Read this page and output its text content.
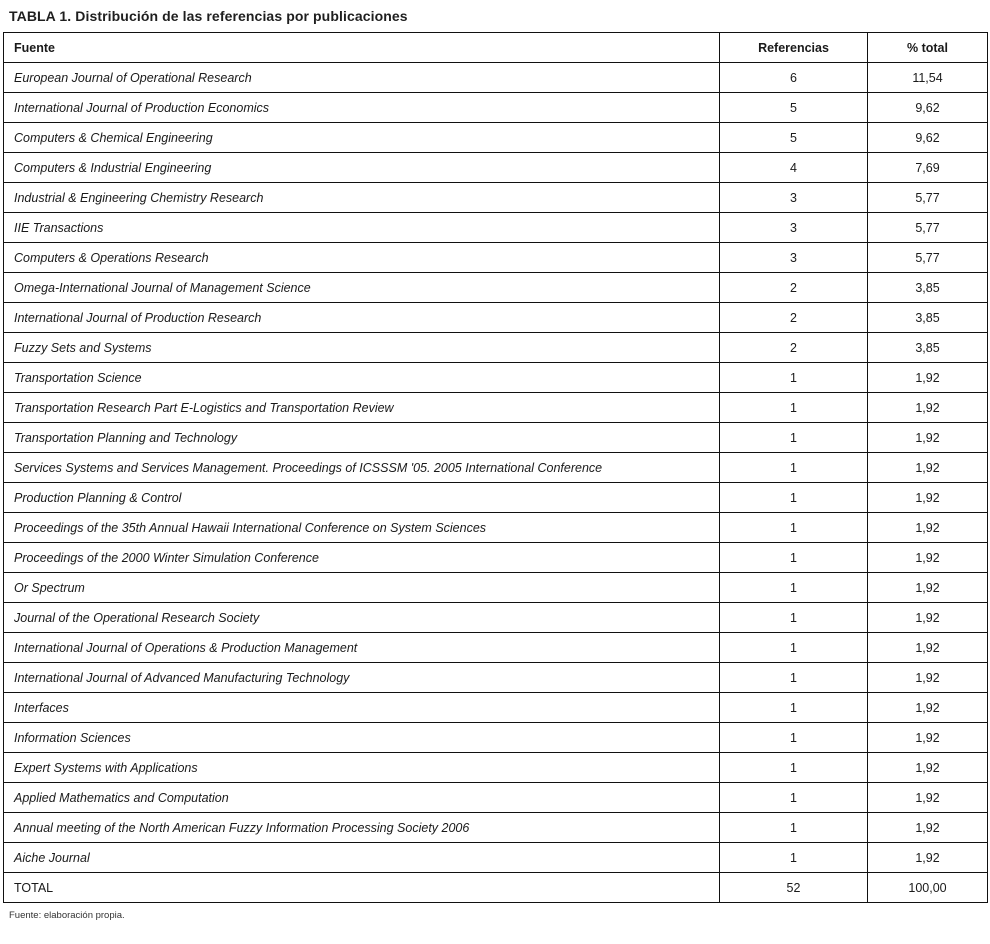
TABLA 1. Distribución de las referencias por publicaciones
Fuente	Referencias	% total
European Journal of Operational Research	6	11,54
International Journal of Production Economics	5	9,62
Computers & Chemical Engineering	5	9,62
Computers & Industrial Engineering	4	7,69
Industrial & Engineering Chemistry Research	3	5,77
IIE Transactions	3	5,77
Computers & Operations Research	3	5,77
Omega-International Journal of Management Science	2	3,85
International Journal of Production Research	2	3,85
Fuzzy Sets and Systems	2	3,85
Transportation Science	1	1,92
Transportation Research Part E-Logistics and Transportation Review	1	1,92
Transportation Planning and Technology	1	1,92
Services Systems and Services Management. Proceedings of ICSSSM '05. 2005 International Conference	1	1,92
Production Planning & Control	1	1,92
Proceedings of the 35th Annual Hawaii International Conference on System Sciences	1	1,92
Proceedings of the 2000 Winter Simulation Conference	1	1,92
Or Spectrum	1	1,92
Journal of the Operational Research Society	1	1,92
International Journal of Operations & Production Management	1	1,92
International Journal of Advanced Manufacturing Technology	1	1,92
Interfaces	1	1,92
Information Sciences	1	1,92
Expert Systems with Applications	1	1,92
Applied Mathematics and Computation	1	1,92
Annual meeting of the North American Fuzzy Information Processing Society 2006	1	1,92
Aiche Journal	1	1,92
TOTAL	52	100,00
Fuente: elaboración propia.
